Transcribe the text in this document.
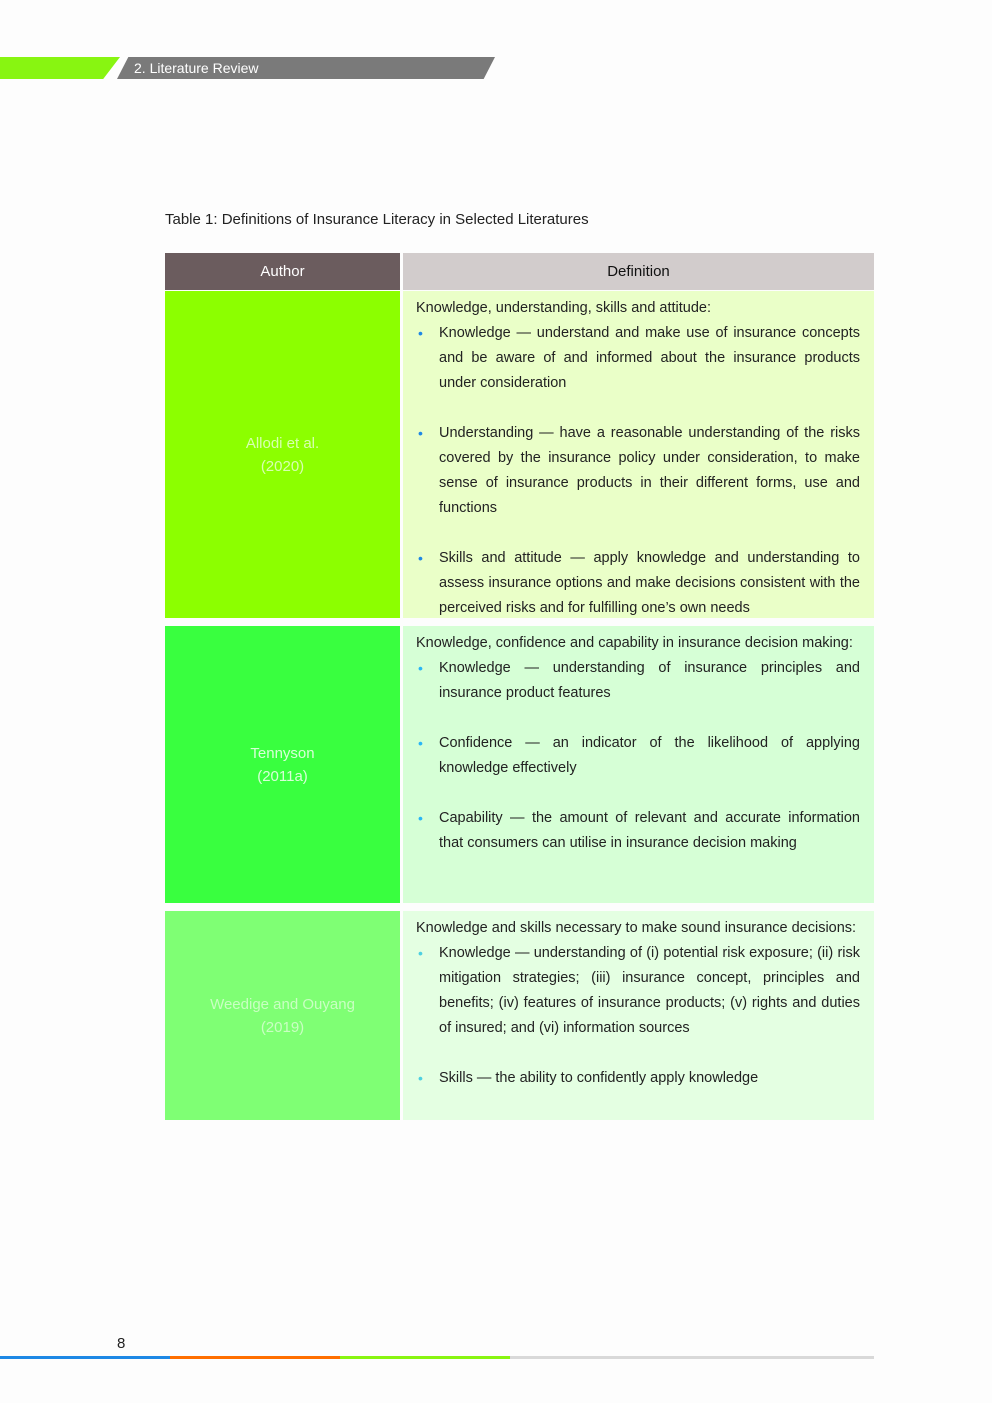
2. Literature Review
Table 1: Definitions of Insurance Literacy in Selected Literatures
Author	Definition
Allodi et al.
(2020)

Knowledge, understanding, skills and attitude:

• Knowledge — understand and make use of insurance concepts and be aware of and informed about the insurance products under consideration
• Understanding — have a reasonable understanding of the risks covered by the insurance policy under consideration, to make sense of insurance products in their different forms, use and functions
• Skills and attitude — apply knowledge and understanding to assess insurance options and make decisions consistent with the perceived risks and for fulfilling one’s own needs
Tennyson
(2011a)

Knowledge, confidence and capability in insurance decision making:

• Knowledge — understanding of insurance principles and insurance product features
• Confidence — an indicator of the likelihood of applying knowledge effectively
• Capability — the amount of relevant and accurate information that consumers can utilise in insurance decision making
Weedige and Ouyang
(2019)

Knowledge and skills necessary to make sound insurance decisions:

• Knowledge — understanding of (i) potential risk exposure; (ii) risk mitigation strategies; (iii) insurance concept, principles and benefits; (iv) features of insurance products; (v) rights and duties of insured; and (vi) information sources
• Skills — the ability to confidently apply knowledge
8
